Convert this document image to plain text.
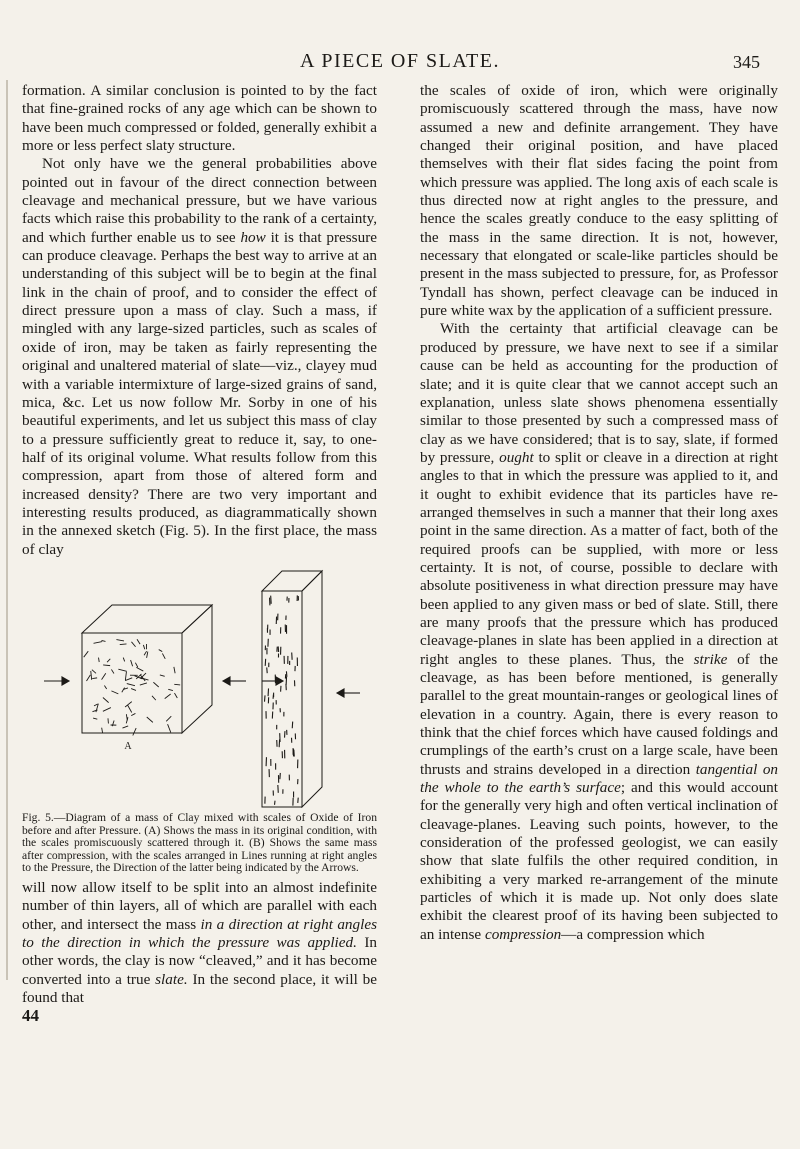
A PIECE OF SLATE.	345

formation. A similar conclusion is pointed to by the fact that fine-grained rocks of any age which can be shown to have been much compressed or folded, generally exhibit a more or less perfect slaty structure.

Not only have we the general probabilities above pointed out in favour of the direct connection between cleavage and mechanical pressure, but we have various facts which raise this probability to the rank of a certainty, and which further enable us to see how it is that pressure can produce cleavage. Perhaps the best way to arrive at an understanding of this subject will be to begin at the final link in the chain of proof, and to consider the effect of direct pressure upon a mass of clay. Such a mass, if mingled with any large-sized particles, such as scales of oxide of iron, may be taken as fairly representing the original and unaltered material of slate—viz., clayey mud with a variable intermixture of large-sized grains of sand, mica, &c. Let us now follow Mr. Sorby in one of his beautiful experiments, and let us subject this mass of clay to a pressure sufficiently great to reduce it, say, to one-half of its original volume. What results follow from this compression, apart from those of altered form and increased density? There are two very important and interesting results produced, as diagrammatically shown in the annexed sketch (Fig. 5). In the first place, the mass of clay

A

Fig. 5.—Diagram of a mass of Clay mixed with scales of Oxide of Iron before and after Pressure. (A) Shows the mass in its original condition, with the scales promiscuously scattered through it. (B) Shows the same mass after compression, with the scales arranged in Lines running at right angles to the Pressure, the Direction of the latter being indicated by the Arrows.

will now allow itself to be split into an almost indefinite number of thin layers, all of which are parallel with each other, and intersect the mass in a direction at right angles to the direction in which the pressure was applied. In other words, the clay is now “cleaved,” and it has become converted into a true slate. In the second place, it will be found that

44

the scales of oxide of iron, which were originally promiscuously scattered through the mass, have now assumed a new and definite arrangement. They have changed their original position, and have placed themselves with their flat sides facing the point from which pressure was applied. The long axis of each scale is thus directed now at right angles to the pressure, and hence the scales greatly conduce to the easy splitting of the mass in the same direction. It is not, however, necessary that elongated or scale-like particles should be present in the mass subjected to pressure, for, as Professor Tyndall has shown, perfect cleavage can be induced in pure white wax by the application of a sufficient pressure.

With the certainty that artificial cleavage can be produced by pressure, we have next to see if a similar cause can be held as accounting for the production of slate; and it is quite clear that we cannot accept such an explanation, unless slate shows phenomena essentially similar to those presented by such a compressed mass of clay as we have considered; that is to say, slate, if formed by pressure, ought to split or cleave in a direction at right angles to that in which the pressure was applied to it, and it ought to exhibit evidence that its particles have re-arranged themselves in such a manner that their long axes point in the same direction. As a matter of fact, both of the required proofs can be supplied, with more or less certainty. It is not, of course, possible to declare with absolute positiveness in what direction pressure may have been applied to any given mass or bed of slate. Still, there are many proofs that the pressure which has produced cleavage-planes in slate has been applied in a direction at right angles to these planes. Thus, the strike of the cleavage, as has been before mentioned, is generally parallel to the great mountain-ranges or geological lines of elevation in a country. Again, there is every reason to think that the chief forces which have caused foldings and crumplings of the earth’s crust on a large scale, have been thrusts and strains developed in a direction tangential on the whole to the earth’s surface; and this would account for the generally very high and often vertical inclination of cleavage-planes. Leaving such points, however, to the consideration of the professed geologist, we can easily show that slate fulfils the other required condition, in exhibiting a very marked re-arrangement of the minute particles of which it is made up. Not only does slate exhibit the clearest proof of its having been subjected to an intense compression—a compression which
